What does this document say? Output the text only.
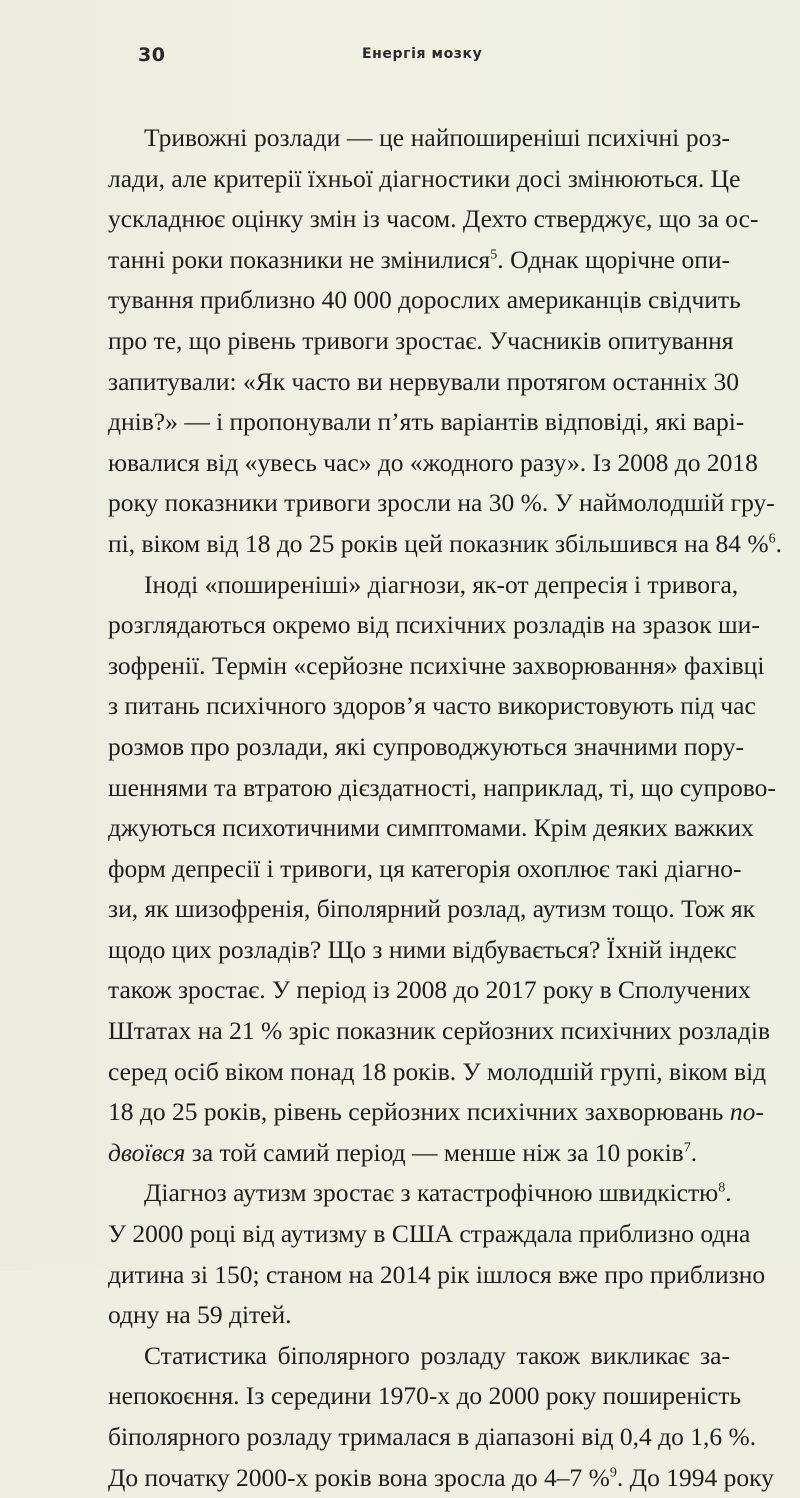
30	Енергія мозку
Тривожні розлади — це найпоширеніші психічні роз-
лади, але критерії їхньої діагностики досі змінюються. Це
ускладнює оцінку змін із часом. Дехто стверджує, що за ос-
танні роки показники не змінилися$^5$. Однак щорічне опи-
тування приблизно 40 000 дорослих американців свідчить
про те, що рівень тривоги зростає. Учасників опитування
запитували: «Як часто ви нервували протягом останніх 30
днів?» — і пропонували п’ять варіантів відповіді, які варі-
ювалися від «увесь час» до «жодного разу». Із 2008 до 2018
року показники тривоги зросли на 30 %. У наймолодшій гру-
пі, віком від 18 до 25 років цей показник збільшився на 84 %$^6$.
Іноді «поширеніші» діагнози, як-от депресія і тривога,
розглядаються окремо від психічних розладів на зразок ши-
зофренії. Термін «серйозне психічне захворювання» фахівці
з питань психічного здоров’я часто використовують під час
розмов про розлади, які супроводжуються значними пору-
шеннями та втратою дієздатності, наприклад, ті, що супрово-
джуються психотичними симптомами. Крім деяких важких
форм депресії і тривоги, ця категорія охоплює такі діагно-
зи, як шизофренія, біполярний розлад, аутизм тощо. Тож як
щодо цих розладів? Що з ними відбувається? Їхній індекс
також зростає. У період із 2008 до 2017 року в Сполучених
Штатах на 21 % зріс показник серйозних психічних розладів
серед осіб віком понад 18 років. У молодшій групі, віком від
18 до 25 років, рівень серйозних психічних захворювань по-
двоївся за той самий період — менше ніж за 10 років$^7$.
Діагноз аутизм зростає з катастрофічною швидкістю$^8$.
У 2000 році від аутизму в США страждала приблизно одна
дитина зі 150; станом на 2014 рік ішлося вже про приблизно
одну на 59 дітей.
Статистика біполярного розладу також викликає за-
непокоєння. Із середини 1970-х до 2000 року поширеність
біполярного розладу трималася в діапазоні від 0,4 до 1,6 %.
До початку 2000-х років вона зросла до 4–7 %$^9$. До 1994 року
